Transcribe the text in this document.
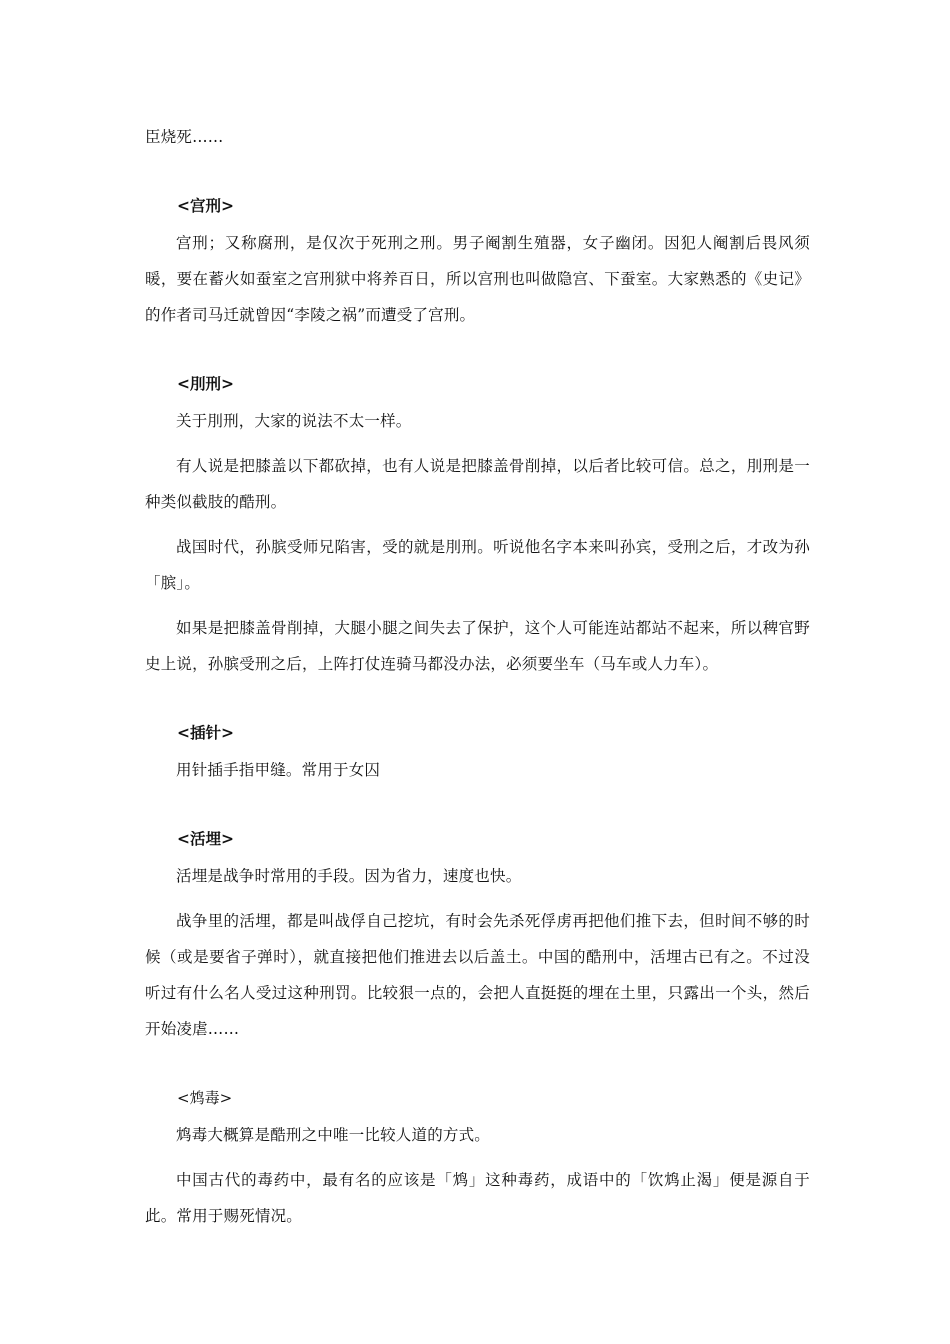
臣烧死……
<宫刑>

宫刑；又称腐刑，是仅次于死刑之刑。男子阉割生殖器，女子幽闭。因犯人阉割后畏风须暖，要在蓄火如蚕室之宫刑狱中将养百日，所以宫刑也叫做隐宫、下蚕室。大家熟悉的《史记》的作者司马迁就曾因“李陵之祸”而遭受了宫刑。

<刖刑>

关于刖刑，大家的说法不太一样。

有人说是把膝盖以下都砍掉，也有人说是把膝盖骨削掉，以后者比较可信。总之，刖刑是一种类似截肢的酷刑。

战国时代，孙膑受师兄陷害，受的就是刖刑。听说他名字本来叫孙宾，受刑之后，才改为孙「膑」。

如果是把膝盖骨削掉，大腿小腿之间失去了保护，这个人可能连站都站不起来，所以稗官野史上说，孙膑受刑之后，上阵打仗连骑马都没办法，必须要坐车（马车或人力车）。

<插针>

用针插手指甲缝。常用于女囚

<活埋>

活埋是战争时常用的手段。因为省力，速度也快。

战争里的活埋，都是叫战俘自己挖坑，有时会先杀死俘虏再把他们推下去，但时间不够的时候（或是要省子弹时），就直接把他们推进去以后盖土。中国的酷刑中，活埋古已有之。不过没听过有什么名人受过这种刑罚。比较狠一点的，会把人直挺挺的埋在土里，只露出一个头，然后开始凌虐……

<鸩毒>

鸩毒大概算是酷刑之中唯一比较人道的方式。

中国古代的毒药中，最有名的应该是「鸩」这种毒药，成语中的「饮鸩止渴」便是源自于此。常用于赐死情况。
